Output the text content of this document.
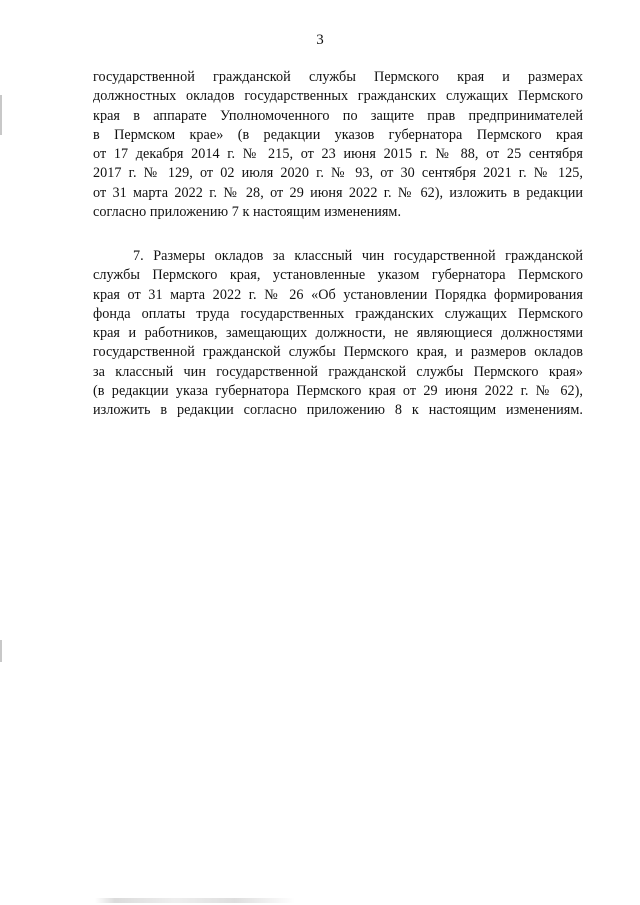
3
государственной гражданской службы Пермского края и размерах
должностных окладов государственных гражданских служащих Пермского
края в аппарате Уполномоченного по защите прав предпринимателей
в Пермском крае» (в редакции указов губернатора Пермского края
от 17 декабря 2014 г. № 215, от 23 июня 2015 г. № 88, от 25 сентября
2017 г. № 129, от 02 июля 2020 г. № 93, от 30 сентября 2021 г. № 125,
от 31 марта 2022 г. № 28, от 29 июня 2022 г. № 62), изложить в редакции
согласно приложению 7 к настоящим изменениям.
7. Размеры окладов за классный чин государственной гражданской
службы Пермского края, установленные указом губернатора Пермского
края от 31 марта 2022 г. № 26 «Об установлении Порядка формирования
фонда оплаты труда государственных гражданских служащих Пермского
края и работников, замещающих должности, не являющиеся должностями
государственной гражданской службы Пермского края, и размеров окладов
за классный чин государственной гражданской службы Пермского края»
(в редакции указа губернатора Пермского края от 29 июня 2022 г. № 62),
изложить в редакции согласно приложению 8 к настоящим изменениям.
